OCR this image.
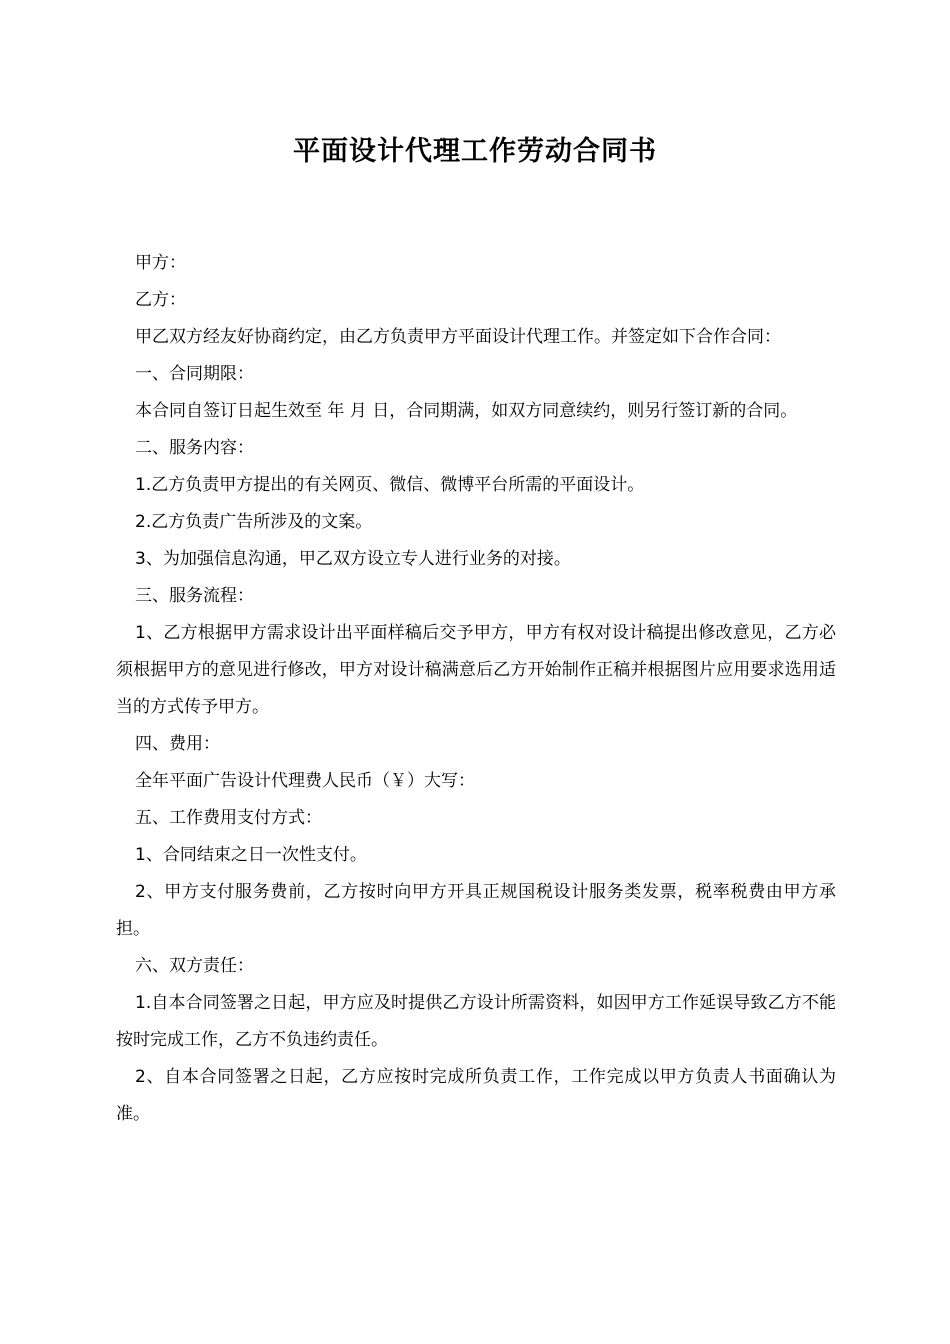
平面设计代理工作劳动合同书

甲方：

乙方：

甲乙双方经友好协商约定，由乙方负责甲方平面设计代理工作。并签定如下合作合同：

一、合同期限：

本合同自签订日起生效至 年 月 日，合同期满，如双方同意续约，则另行签订新的合同。

二、服务内容：

1.乙方负责甲方提出的有关网页、微信、微博平台所需的平面设计。

2.乙方负责广告所涉及的文案。

3、为加强信息沟通，甲乙双方设立专人进行业务的对接。

三、服务流程：

1、乙方根据甲方需求设计出平面样稿后交予甲方，甲方有权对设计稿提出修改意见，乙方必须根据甲方的意见进行修改，甲方对设计稿满意后乙方开始制作正稿并根据图片应用要求选用适当的方式传予甲方。

四、费用：

全年平面广告设计代理费人民币（￥）大写：

五、工作费用支付方式：

1、合同结束之日一次性支付。

2、甲方支付服务费前，乙方按时向甲方开具正规国税设计服务类发票，税率税费由甲方承担。

六、双方责任：

1.自本合同签署之日起，甲方应及时提供乙方设计所需资料，如因甲方工作延误导致乙方不能按时完成工作，乙方不负违约责任。

2、自本合同签署之日起，乙方应按时完成所负责工作，工作完成以甲方负责人书面确认为准。
